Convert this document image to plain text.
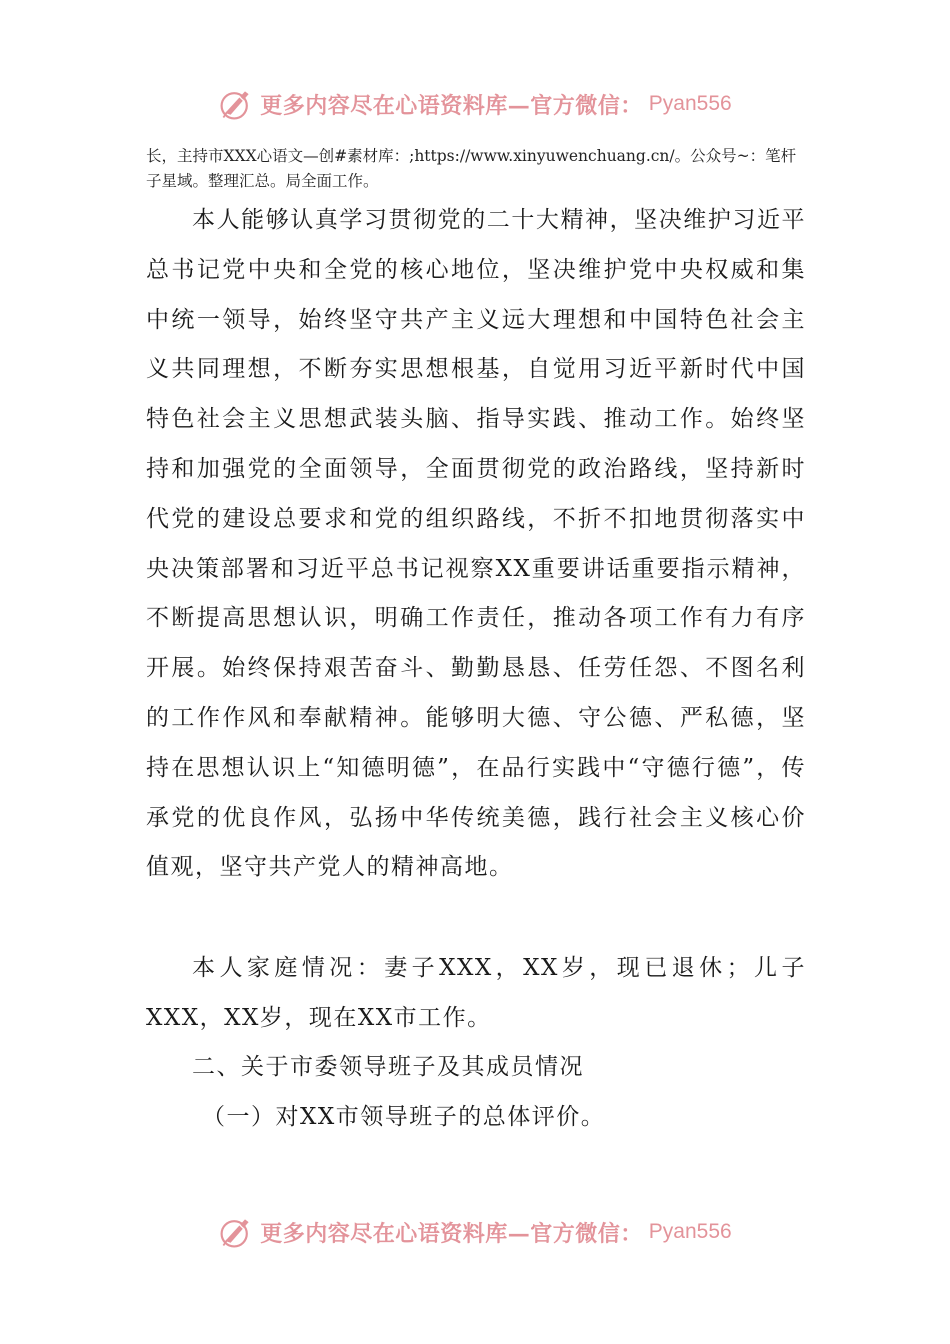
更多内容尽在心语资料库—官方微信： Pyan556
长，主持市XXX心语文—创#素材库：;https://www.xinyuwenchuang.cn/。公众号~：笔杆子星域。整理汇总。局全面工作。
本人能够认真学习贯彻党的二十大精神，坚决维护习近平总书记党中央和全党的核心地位，坚决维护党中央权威和集中统一领导，始终坚守共产主义远大理想和中国特色社会主义共同理想，不断夯实思想根基，自觉用习近平新时代中国特色社会主义思想武装头脑、指导实践、推动工作。始终坚持和加强党的全面领导，全面贯彻党的政治路线，坚持新时代党的建设总要求和党的组织路线，不折不扣地贯彻落实中央决策部署和习近平总书记视察XX重要讲话重要指示精神，不断提高思想认识，明确工作责任，推动各项工作有力有序开展。始终保持艰苦奋斗、勤勤恳恳、任劳任怨、不图名利的工作作风和奉献精神。能够明大德、守公德、严私德，坚持在思想认识上“知德明德”，在品行实践中“守德行德”，传承党的优良作风，弘扬中华传统美德，践行社会主义核心价值观，坚守共产党人的精神高地。
本人家庭情况：妻子XXX，XX岁，现已退休；儿子XXX，XX岁，现在XX市工作。
二、关于市委领导班子及其成员情况
（一）对XX市领导班子的总体评价。
更多内容尽在心语资料库—官方微信： Pyan556
